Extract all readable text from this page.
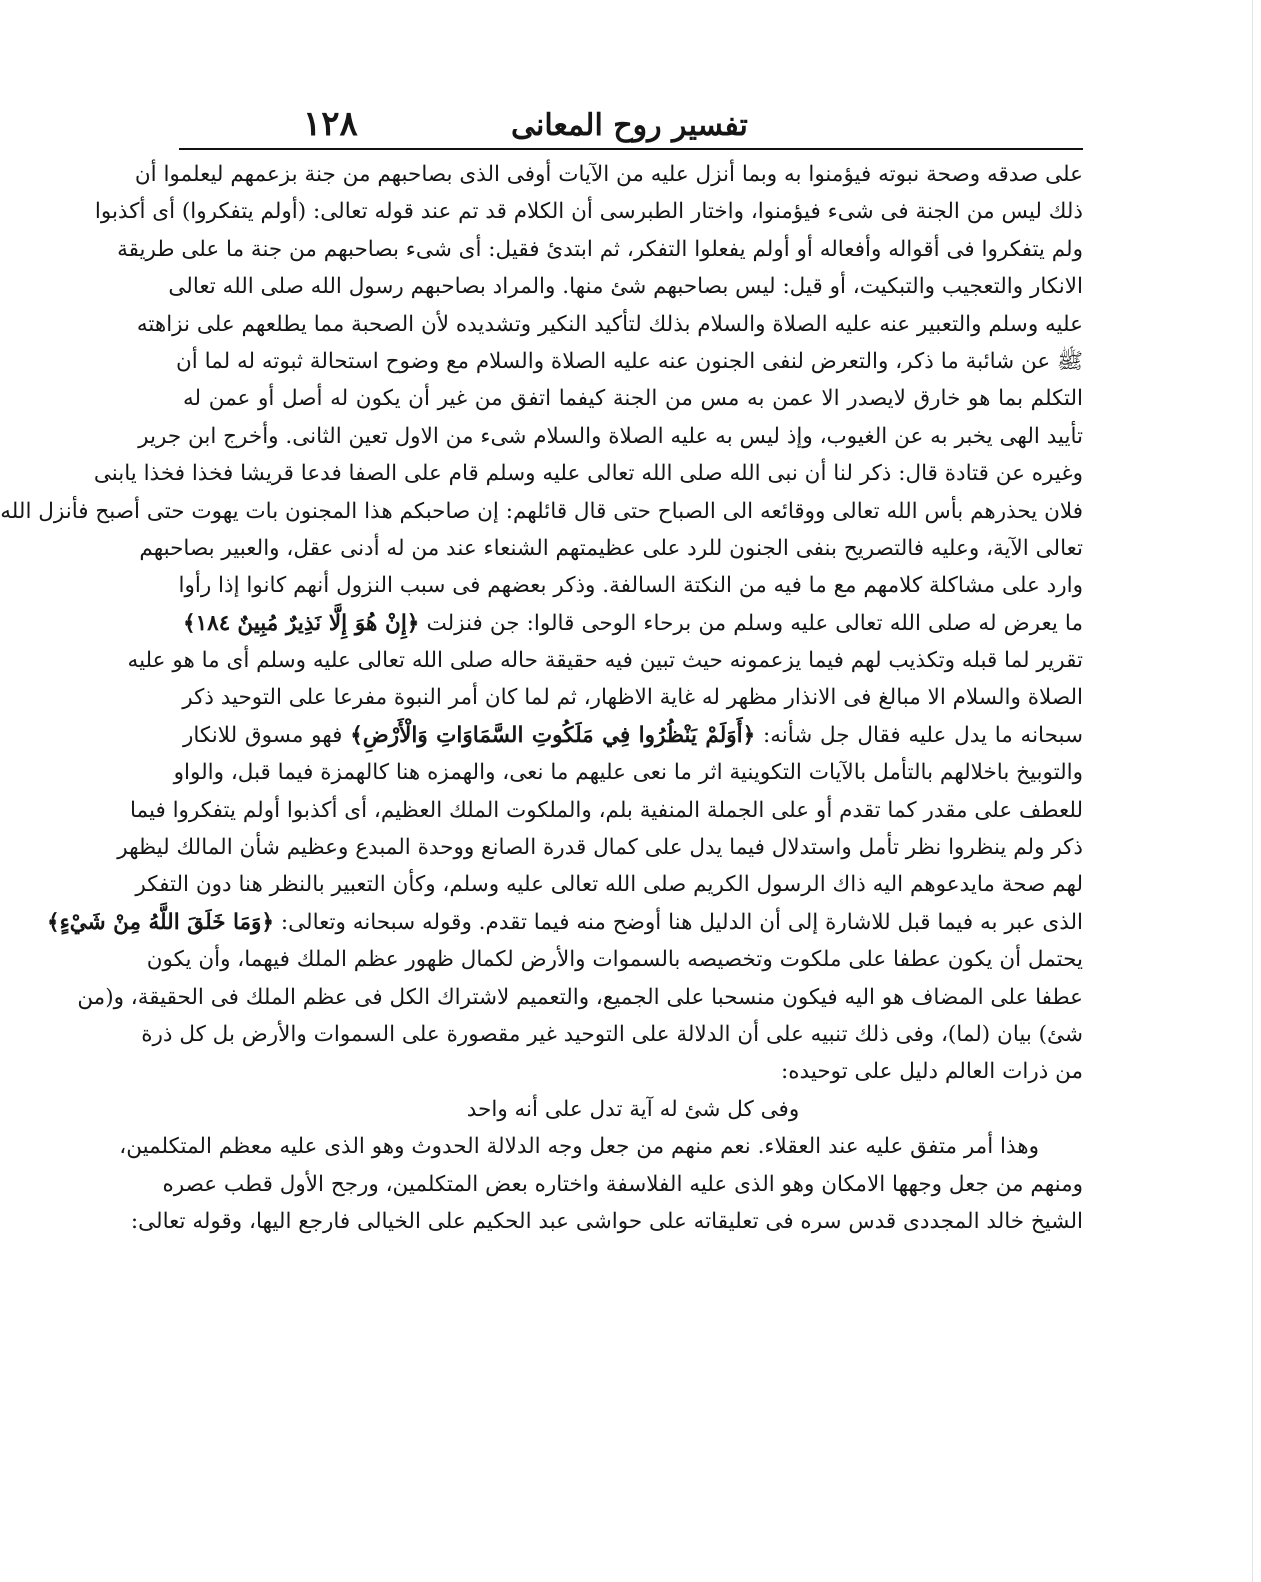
١٢٨	تفسير روح المعانى
على صدقه وصحة نبوته فيؤمنوا به وبما أنزل عليه من الآيات أوفى الذى بصاحبهم من جنة بزعمهم ليعلموا أن
ذلك ليس من الجنة فى شىء فيؤمنوا، واختار الطبرسى أن الكلام قد تم عند قوله تعالى: (أولم يتفكروا) أى أكذبوا
ولم يتفكروا فى أقواله وأفعاله أو أولم يفعلوا التفكر، ثم ابتدئ فقيل: أى شىء بصاحبهم من جنة ما على طريقة
الانكار والتعجيب والتبكيت، أو قيل: ليس بصاحبهم شئ منها. والمراد بصاحبهم رسول الله صلى الله تعالى
عليه وسلم والتعبير عنه عليه الصلاة والسلام بذلك لتأكيد النكير وتشديده لأن الصحبة مما يطلعهم على نزاهته
ﷺ عن شائبة ما ذكر، والتعرض لنفى الجنون عنه عليه الصلاة والسلام مع وضوح استحالة ثبوته له لما أن
التكلم بما هو خارق لايصدر الا عمن به مس من الجنة كيفما اتفق من غير أن يكون له أصل أو عمن له
تأييد الهى يخبر به عن الغيوب، وإذ ليس به عليه الصلاة والسلام شىء من الاول تعين الثانى. وأخرج ابن جرير
وغيره عن قتادة قال: ذكر لنا أن نبى الله صلى الله تعالى عليه وسلم قام على الصفا فدعا قريشا فخذا فخذا يابنى
فلان يحذرهم بأس الله تعالى ووقائعه الى الصباح حتى قال قائلهم: إن صاحبكم هذا المجنون بات يهوت حتى أصبح فأنزل الله
تعالى الآية، وعليه فالتصريح بنفى الجنون للرد على عظيمتهم الشنعاء عند من له أدنى عقل، والعبير بصاحبهم
وارد على مشاكلة كلامهم مع ما فيه من النكتة السالفة. وذكر بعضهم فى سبب النزول أنهم كانوا إذا رأوا
ما يعرض له صلى الله تعالى عليه وسلم من برحاء الوحى قالوا: جن فنزلت ﴿إِنْ هُوَ إِلَّا نَذِيرٌ مُبِينٌ ١٨٤﴾
تقرير لما قبله وتكذيب لهم فيما يزعمونه حيث تبين فيه حقيقة حاله صلى الله تعالى عليه وسلم أى ما هو عليه
الصلاة والسلام الا مبالغ فى الانذار مظهر له غاية الاظهار، ثم لما كان أمر النبوة مفرعا على التوحيد ذكر
سبحانه ما يدل عليه فقال جل شأنه: ﴿أَوَلَمْ يَنْظُرُوا فِي مَلَكُوتِ السَّمَاوَاتِ وَالْأَرْضِ﴾ فهو مسوق للانكار
والتوبيخ باخلالهم بالتأمل بالآيات التكوينية اثر ما نعى عليهم ما نعى، والهمزه هنا كالهمزة فيما قبل، والواو
للعطف على مقدر كما تقدم أو على الجملة المنفية بلم، والملكوت الملك العظيم، أى أكذبوا أولم يتفكروا فيما
ذكر ولم ينظروا نظر تأمل واستدلال فيما يدل على كمال قدرة الصانع ووحدة المبدع وعظيم شأن المالك ليظهر
لهم صحة مايدعوهم اليه ذاك الرسول الكريم صلى الله تعالى عليه وسلم، وكأن التعبير بالنظر هنا دون التفكر
الذى عبر به فيما قبل للاشارة إلى أن الدليل هنا أوضح منه فيما تقدم. وقوله سبحانه وتعالى: ﴿وَمَا خَلَقَ اللَّهُ مِنْ شَيْءٍ﴾
يحتمل أن يكون عطفا على ملكوت وتخصيصه بالسموات والأرض لكمال ظهور عظم الملك فيهما، وأن يكون
عطفا على المضاف هو اليه فيكون منسحبا على الجميع، والتعميم لاشتراك الكل فى عظم الملك فى الحقيقة، و(من
شئ) بيان (لما)، وفى ذلك تنبيه على أن الدلالة على التوحيد غير مقصورة على السموات والأرض بل كل ذرة
من ذرات العالم دليل على توحيده:
وفى كل شئ له آية تدل على أنه واحد
وهذا أمر متفق عليه عند العقلاء. نعم منهم من جعل وجه الدلالة الحدوث وهو الذى عليه معظم المتكلمين،
ومنهم من جعل وجهها الامكان وهو الذى عليه الفلاسفة واختاره بعض المتكلمين، ورجح الأول قطب عصره
الشيخ خالد المجددى قدس سره فى تعليقاته على حواشى عبد الحكيم على الخيالى فارجع اليها، وقوله تعالى:
